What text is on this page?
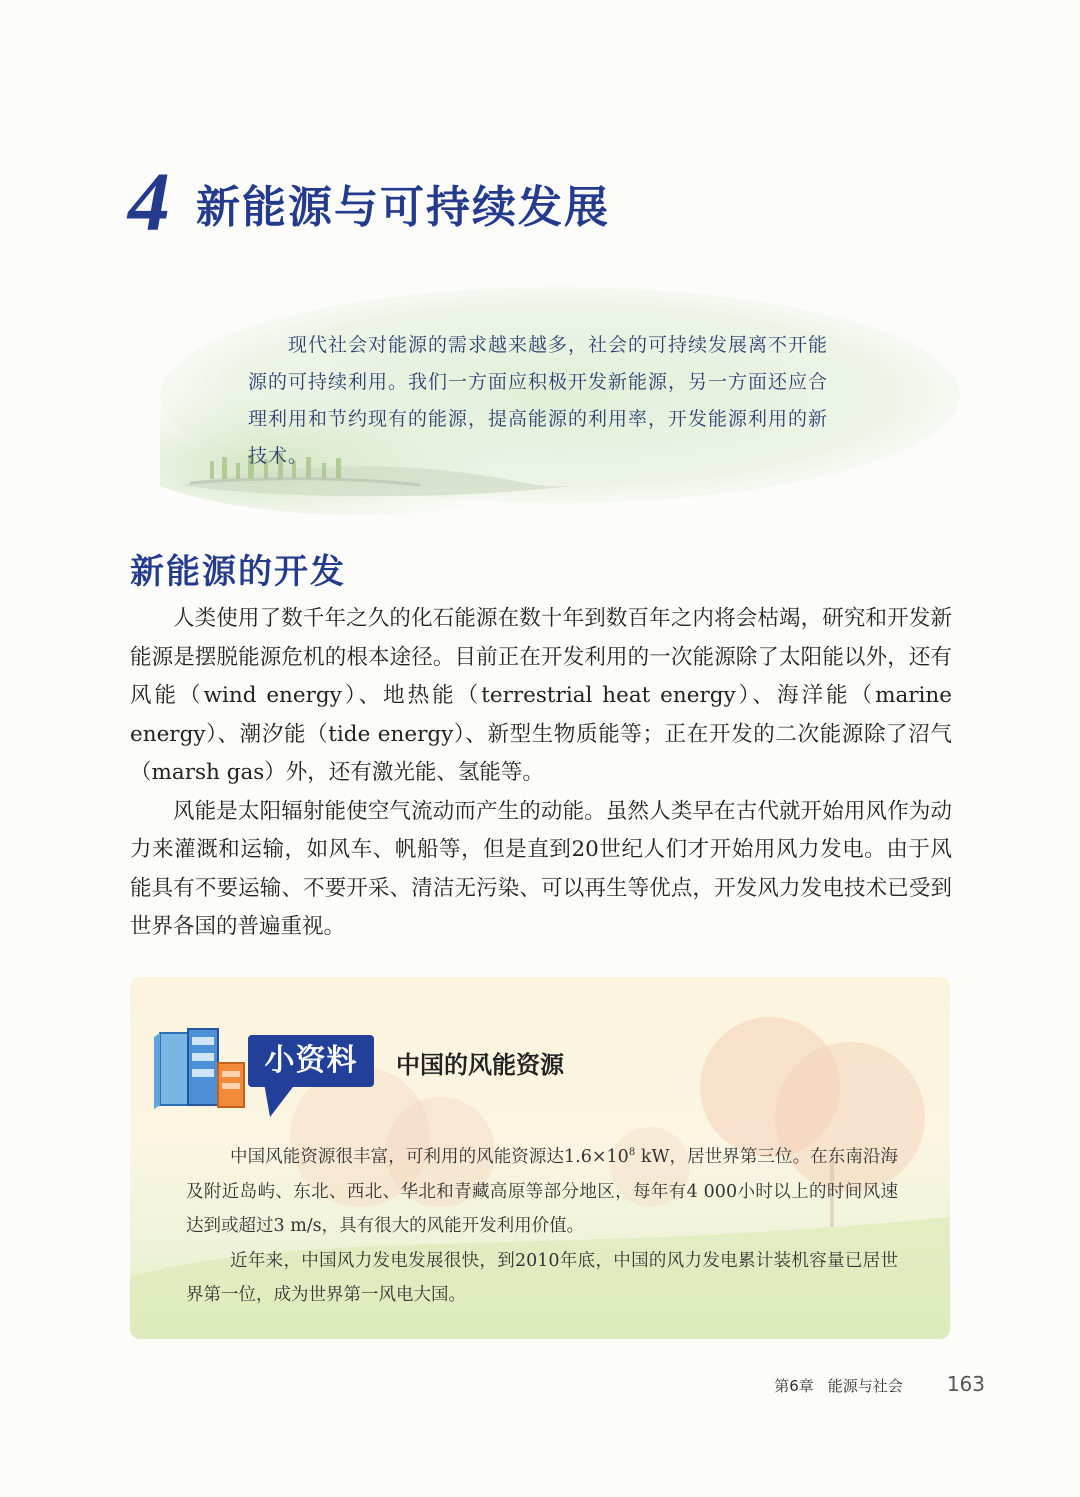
4 新能源与可持续发展
现代社会对能源的需求越来越多，社会的可持续发展离不开能源的可持续利用。我们一方面应积极开发新能源，另一方面还应合理利用和节约现有的能源，提高能源的利用率，开发能源利用的新技术。
新能源的开发

人类使用了数千年之久的化石能源在数十年到数百年之内将会枯竭，研究和开发新能源是摆脱能源危机的根本途径。目前正在开发利用的一次能源除了太阳能以外，还有风能（wind energy）、地热能（terrestrial heat energy）、海洋能（marine energy）、潮汐能（tide energy）、新型生物质能等；正在开发的二次能源除了沼气（marsh gas）外，还有激光能、氢能等。

风能是太阳辐射能使空气流动而产生的动能。虽然人类早在古代就开始用风作为动力来灌溉和运输，如风车、帆船等，但是直到20世纪人们才开始用风力发电。由于风能具有不要运输、不要开采、清洁无污染、可以再生等优点，开发风力发电技术已受到世界各国的普遍重视。

小资料	中国的风能资源

中国风能资源很丰富，可利用的风能资源达$1.6\times 10^8$ kW，居世界第三位。在东南沿海及附近岛屿、东北、西北、华北和青藏高原等部分地区，每年有4 000小时以上的时间风速达到或超过3 m/s，具有很大的风能开发利用价值。

近年来，中国风力发电发展很快，到2010年底，中国的风力发电累计装机容量已居世界第一位，成为世界第一风电大国。

第6章 能源与社会 163
